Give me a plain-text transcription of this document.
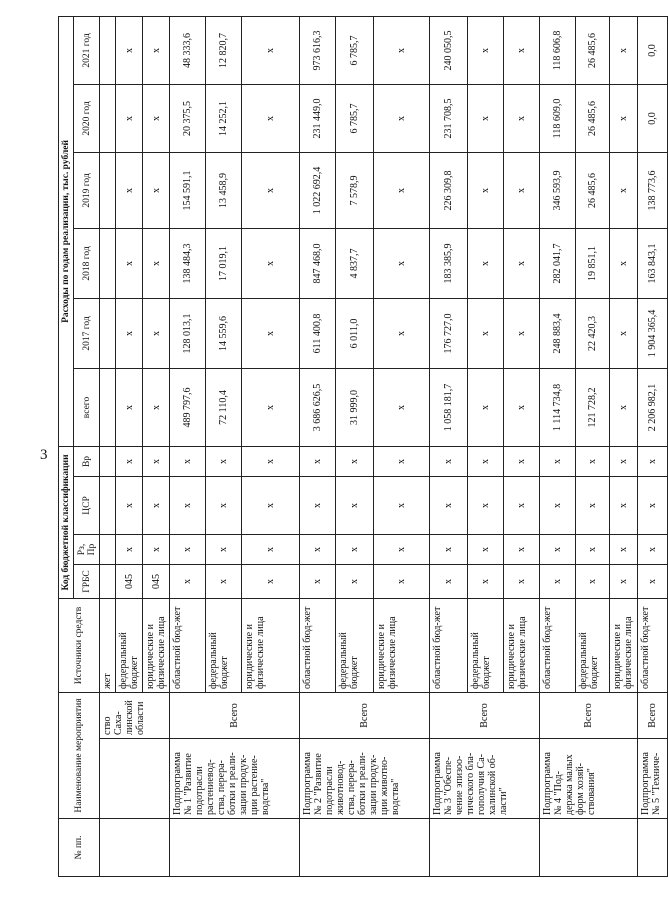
3
№ пп.	Наименование мероприятия		Источники средств	Код бюджетной классификации				Расходы по годам реализации, тыс. рублей					
				ГРБС	Рз, Пр	ЦСР	Вр	всего	2017 год	2018 год	2019 год	2020 год	2021 год
		ство Саха-линской области	жет										
			федеральный бюджет	045	х	х	х	х	х	х	х	х	х
			юридические и физические лица	045	х	х	х	х	х	х	х	х	х
	Подпрограмма № 1 "Развитие подотрасли растениевод-ства, перера-ботки и реали-зации продук-ции растение-водства"	Всего	областной бюд-жет	х	х	х	х	489 797,6	128 013,1	138 484,3	154 591,1	20 375,5	48 333,6
			федеральный бюджет	х	х	х	х	72 110,4	14 559,6	17 019,1	13 458,9	14 252,1	12 820,7
			юридические и физические лица	х	х	х	х	х	х	х	х	х	х
	Подпрограмма № 2 "Развитие подотрасли животновод-ства, перера-ботки и реали-зации продук-ции животно-водства"	Всего	областной бюд-жет	х	х	х	х	3 686 626,5	611 400,8	847 468,0	1 022 692,4	231 449,0	973 616,3
			федеральный бюджет	х	х	х	х	31 999,0	6 011,0	4 837,7	7 578,9	6 785,7	6 785,7
			юридические и физические лица	х	х	х	х	х	х	х	х	х	х
	Подпрограмма № 3 "Обеспе-чение эпизоо-тического бла-гополучия Са-халинской об-ласти"	Всего	областной бюд-жет	х	х	х	х	1 058 181,7	176 727,0	183 385,9	226 309,8	231 708,5	240 050,5
			федеральный бюджет	х	х	х	х	х	х	х	х	х	х
			юридические и физические лица	х	х	х	х	х	х	х	х	х	х
	Подпрограмма № 4 "Под-держка малых форм хозяй-ствования"	Всего	областной бюд-жет	х	х	х	х	1 114 734,8	248 883,4	282 041,7	346 593,9	118 609,0	118 606,8
			федеральный бюджет	х	х	х	х	121 728,2	22 420,3	19 851,1	26 485,6	26 485,6	26 485,6
			юридические и физические лица	х	х	х	х	х	х	х	х	х	х
	Подпрограмма № 5 "Техниче-	Всего	областной бюд-жет	х	х	х	х	2 206 982,1	1 904 365,4	163 843,1	138 773,6	0,0	0,0
